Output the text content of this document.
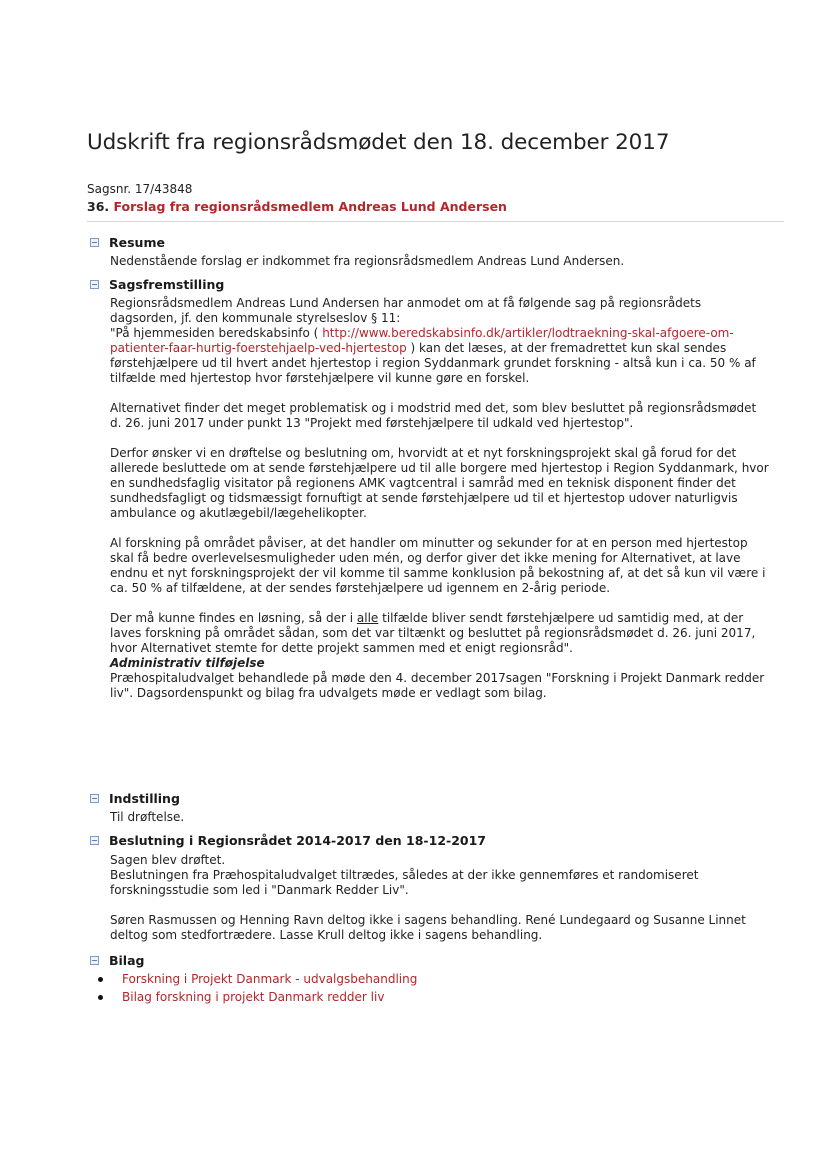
Udskrift fra regionsrådsmødet den 18. december 2017
Sagsnr. 17/43848
36. Forslag fra regionsrådsmedlem Andreas Lund Andersen
Resume

Nedenstående forslag er indkommet fra regionsrådsmedlem Andreas Lund Andersen.

Sagsfremstilling

Regionsrådsmedlem Andreas Lund Andersen har anmodet om at få følgende sag på regionsrådets

dagsorden, jf. den kommunale styrelseslov § 11:

"På hjemmesiden beredskabsinfo ( http://www.beredskabsinfo.dk/artikler/lodtraekning-skal-afgoere-om-patienter-faar-hurtig-foerstehjaelp-ved-hjertestop ) kan det læses, at der fremadrettet kun skal sendes førstehjælpere ud til hvert andet hjertestop i region Syddanmark grundet forskning - altså kun i ca. 50 % af tilfælde med hjertestop hvor førstehjælpere vil kunne gøre en forskel.

Alternativet finder det meget problematisk og i modstrid med det, som blev besluttet på regionsrådsmødet d. 26. juni 2017 under punkt 13 "Projekt med førstehjælpere til udkald ved hjertestop".

Derfor ønsker vi en drøftelse og beslutning om, hvorvidt at et nyt forskningsprojekt skal gå forud for det allerede besluttede om at sende førstehjælpere ud til alle borgere med hjertestop i Region Syddanmark, hvor en sundhedsfaglig visitator på regionens AMK vagtcentral i samråd med en teknisk disponent finder det sundhedsfagligt og tidsmæssigt fornuftigt at sende førstehjælpere ud til et hjertestop udover naturligvis ambulance og akutlægebil/lægehelikopter.

Al forskning på området påviser, at det handler om minutter og sekunder for at en person med hjertestop skal få bedre overlevelsesmuligheder uden mén, og derfor giver det ikke mening for Alternativet, at lave endnu et nyt forskningsprojekt der vil komme til samme konklusion på bekostning af, at det så kun vil være i ca. 50 % af tilfældene, at der sendes førstehjælpere ud igennem en 2-årig periode.

Der må kunne findes en løsning, så der i alle tilfælde bliver sendt førstehjælpere ud samtidig med, at der laves forskning på området sådan, som det var tiltænkt og besluttet på regionsrådsmødet d. 26. juni 2017, hvor Alternativet stemte for dette projekt sammen med et enigt regionsråd".

Administrativ tilføjelse

Præhospitaludvalget behandlede på møde den 4. december 2017sagen "Forskning i Projekt Danmark redder liv". Dagsordenspunkt og bilag fra udvalgets møde er vedlagt som bilag.

Indstilling

Til drøftelse.

Beslutning i Regionsrådet 2014-2017 den 18-12-2017

Sagen blev drøftet.

Beslutningen fra Præhospitaludvalget tiltrædes, således at der ikke gennemføres et randomiseret forskningsstudie som led i "Danmark Redder Liv".

Søren Rasmussen og Henning Ravn deltog ikke i sagens behandling. René Lundegaard og Susanne Linnet deltog som stedfortrædere. Lasse Krull deltog ikke i sagens behandling.

Bilag
Forskning i Projekt Danmark - udvalgsbehandling
Bilag forskning i projekt Danmark redder liv
